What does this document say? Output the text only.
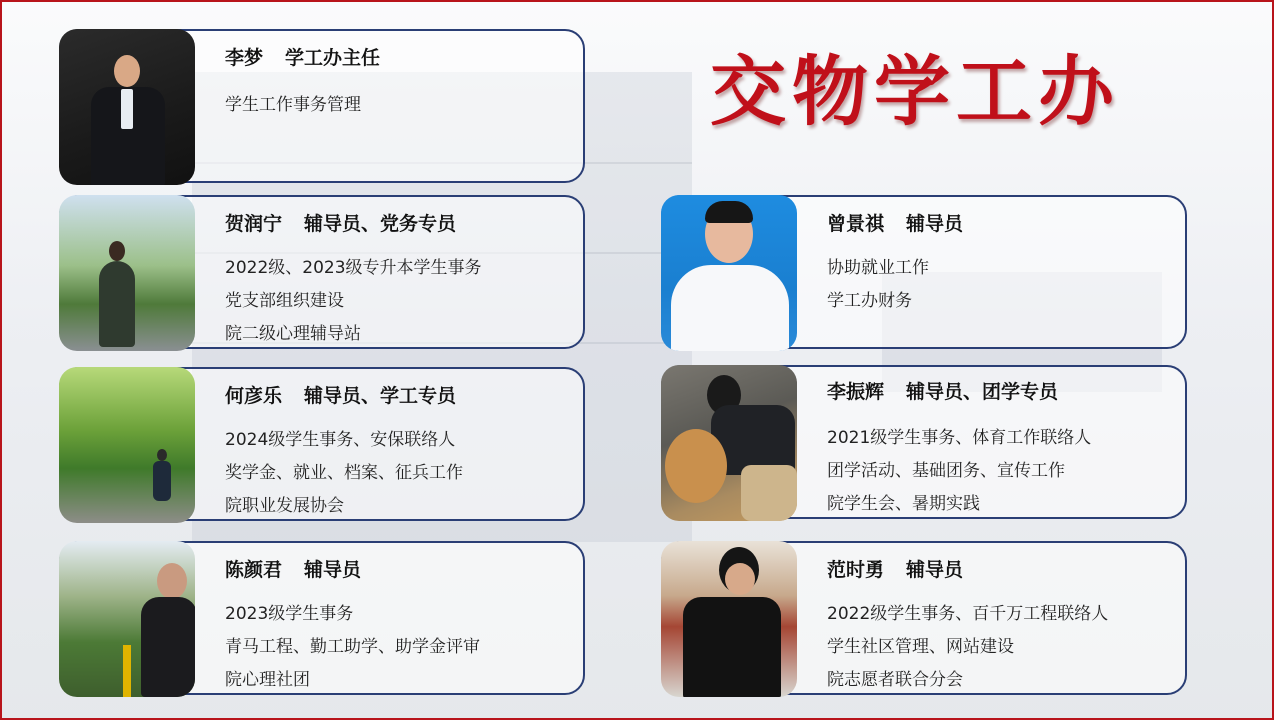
交物学工办
李梦 学工办主任
学生工作事务管理
贺润宁 辅导员、党务专员
2022级、2023级专升本学生事务
党支部组织建设
院二级心理辅导站
何彦乐 辅导员、学工专员
2024级学生事务、安保联络人
奖学金、就业、档案、征兵工作
院职业发展协会
陈颜君 辅导员
2023级学生事务
青马工程、勤工助学、助学金评审
院心理社团
曾景祺 辅导员
协助就业工作
学工办财务
李振辉 辅导员、团学专员
2021级学生事务、体育工作联络人
团学活动、基础团务、宣传工作
院学生会、暑期实践
范时勇 辅导员
2022级学生事务、百千万工程联络人
学生社区管理、网站建设
院志愿者联合分会
